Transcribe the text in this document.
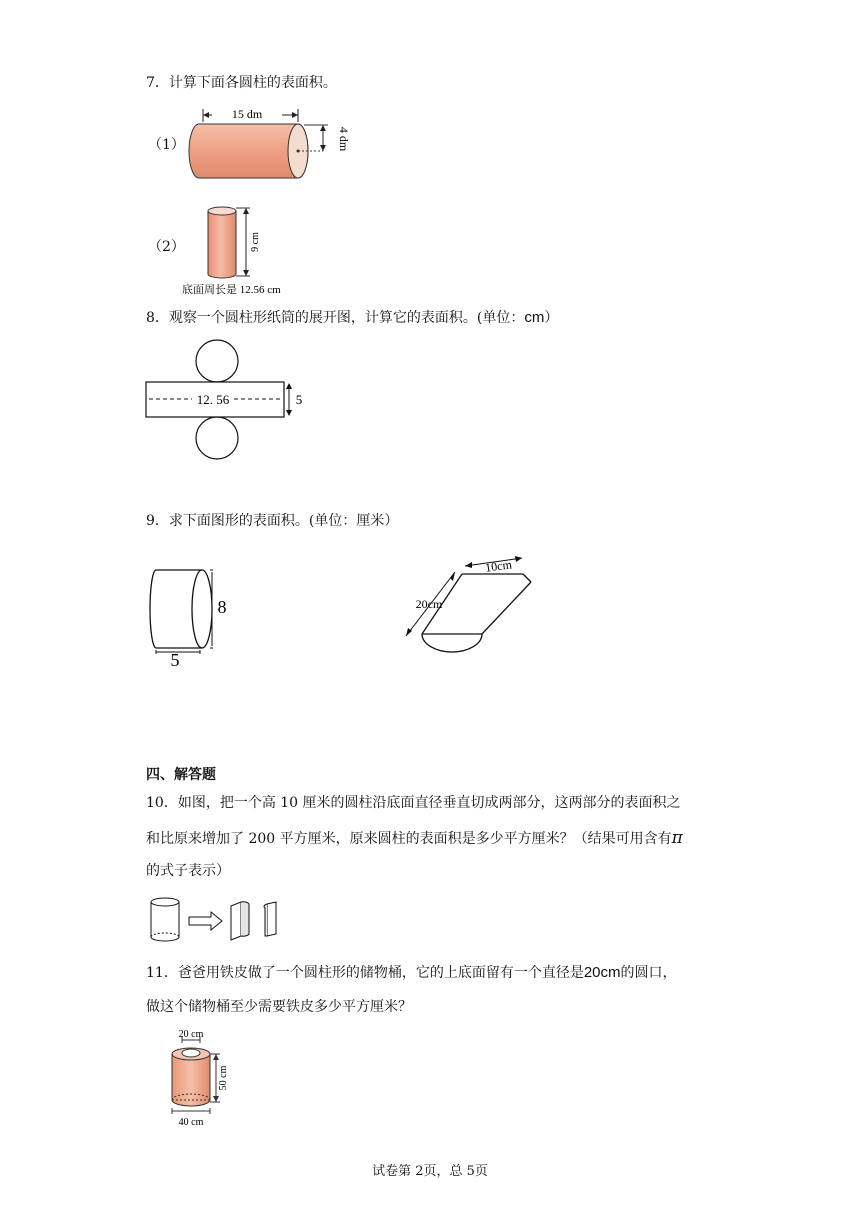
7．计算下面各圆柱的表面积。
（1）
15 dm
4 dm
（2）	9 cm
底面周长是 12.56 cm
8．观察一个圆柱形纸筒的展开图，计算它的表面积。(单位：cm）
12. 56	5
9．求下面图形的表面积。(单位：厘米）
8
5
10cm
20cm
四、解答题
10．如图，把一个高 10 厘米的圆柱沿底面直径垂直切成两部分，这两部分的表面积之
和比原来增加了 200 平方厘米，原来圆柱的表面积是多少平方厘米？（结果可用含有π
的式子表示）
11．爸爸用铁皮做了一个圆柱形的储物桶，它的上底面留有一个直径是20cm的圆口，
做这个储物桶至少需要铁皮多少平方厘米？
20 cm
50 cm
40 cm
试卷第 2页，总 5页
